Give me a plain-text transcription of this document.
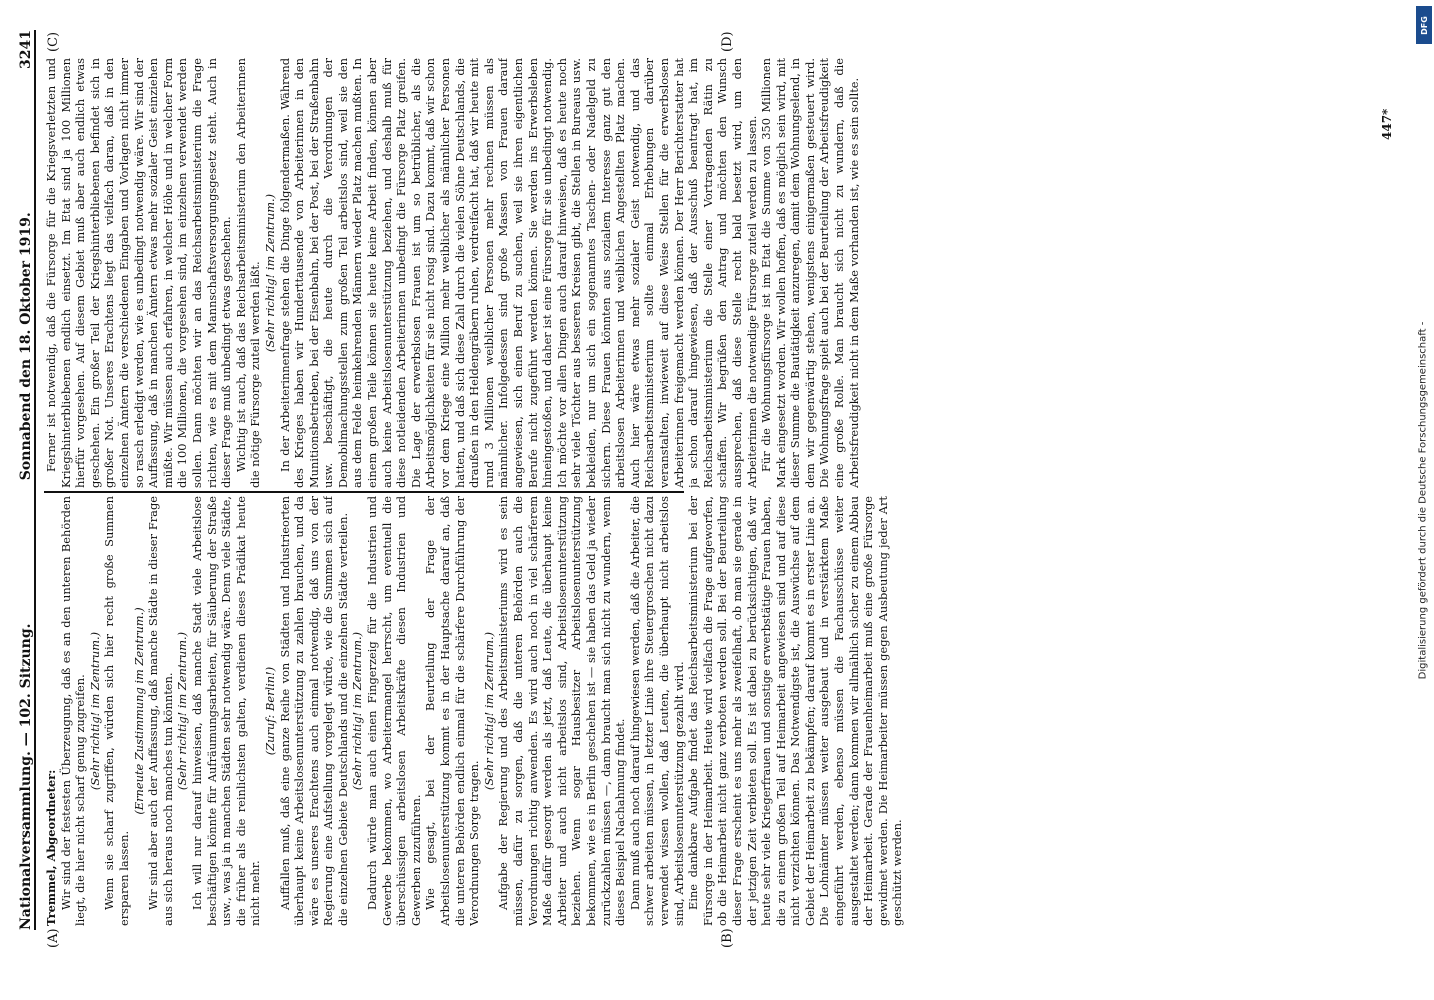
Nationalversammlung. — 102. Sitzung.
Sonnabend den 18. Oktober 1919.
3241
(A)	(B)
(C)	(D)

Tremmel, Abgeordneter: Wir sind der festesten Überzeugung, daß es an den unteren Behörden liegt, die hier nicht scharf genug zugreifen. (Sehr richtig! im Zentrum.) Wenn sie scharf zugriffen, würden sich hier recht große Summen ersparen lassen.

(Erneute Zustimmung im Zentrum.) Wir sind aber auch der Auffassung, daß manche Städte in dieser Frage aus sich heraus noch manches tun könnten. (Sehr richtig! im Zentrum.) Ich will nur darauf hinweisen, daß manche Stadt viele Arbeitslose beschäftigen könnte für Aufräumungsarbeiten, für Säuberung der Straße usw., was ja in manchen Städten sehr notwendig wäre. Denn viele Städte, die früher als die reinlichsten galten, verdienen dieses Prädikat heute nicht mehr.

(Zuruf: Berlin!) Auffallen muß, daß eine ganze Reihe von Städten und Industrieorten überhaupt keine Arbeitslosenunterstützung zu zahlen brauchen, und da wäre es unseres Erachtens auch einmal notwendig, daß uns von der Regierung eine Aufstellung vorgelegt würde, wie die Summen sich auf die einzelnen Gebiete Deutschlands und die einzelnen Städte verteilen. (Sehr richtig! im Zentrum.) Dadurch würde man auch einen Fingerzeig für die Industrien und Gewerbe bekommen, wo Arbeitermangel herrscht, um eventuell die überschüssigen arbeitslosen Arbeitskräfte diesen Industrien und Gewerben zuzuführen. Wie gesagt, bei der Beurteilung der Frage der Arbeitslosenunterstützung kommt es in der Hauptsache darauf an, daß die unteren Behörden endlich einmal für die schärfere Durchführung der Verordnungen Sorge tragen.

(Sehr richtig! im Zentrum.) Aufgabe der Regierung und des Arbeitsministeriums wird es sein müssen, dafür zu sorgen, daß die unteren Behörden auch die Verordnungen richtig anwenden. Es wird auch noch in viel schärferem Maße dafür gesorgt werden als jetzt, daß Leute, die überhaupt keine Arbeiter und auch nicht arbeitslos sind, Arbeitslosenunterstützung beziehen. Wenn sogar Hausbesitzer Arbeitslosenunterstützung bekommen, wie es in Berlin geschehen ist — sie haben das Geld ja wieder zurückzahlen müssen —, dann braucht man sich nicht zu wundern, wenn dieses Beispiel Nachahmung findet. Dann muß auch noch darauf hingewiesen werden, daß die Arbeiter, die schwer arbeiten müssen, in letzter Linie ihre Steuergroschen nicht dazu verwendet wissen wollen, daß Leuten, die überhaupt nicht arbeitslos sind, Arbeitslosenunterstützung gezahlt wird. Eine dankbare Aufgabe findet das Reichsarbeitsministerium bei der Fürsorge in der Heimarbeit. Heute wird vielfach die Frage aufgeworfen, ob die Heimarbeit nicht ganz verboten werden soll. Bei der Beurteilung dieser Frage erscheint es uns mehr als zweifelhaft, ob man sie gerade in der jetzigen Zeit verbieten soll. Es ist dabei zu berücksichtigen, daß wir heute sehr viele Kriegerfrauen und sonstige erwerbstätige Frauen haben, die zu einem großen Teil auf Heimarbeit angewiesen sind und auf diese nicht verzichten können. Das Notwendigste ist, die Auswüchse auf dem Gebiet der Heimarbeit zu bekämpfen; darauf kommt es in erster Linie an. Die Lohnämter müssen weiter ausgebaut und in verstärktem Maße eingeführt werden, ebenso müssen die Fachausschüsse weiter ausgestaltet werden; dann kommen wir allmählich sicher zu einem Abbau der Heimarbeit. Gerade der Frauenheimarbeit muß eine große Fürsorge gewidmet werden. Die Heimarbeiter müssen gegen Ausbeutung jeder Art geschützt werden.

Ferner ist notwendig, daß die Fürsorge für die Kriegsverletzten und Kriegshinterbliebenen endlich einsetzt. Im Etat sind ja 100 Millionen hierfür vorgesehen. Auf diesem Gebiet muß aber auch endlich etwas geschehen. Ein großer Teil der Kriegshinterbliebenen befindet sich in großer Not. Unseres Erachtens liegt das vielfach daran, daß in den einzelnen Ämtern die verschiedenen Eingaben und Vorlagen nicht immer so rasch erledigt werden, wie es unbedingt notwendig wäre. Wir sind der Auffassung, daß in manchen Ämtern etwas mehr sozialer Geist einziehen müßte. Wir müssen auch erfahren, in welcher Höhe und in welcher Form die 100 Millionen, die vorgesehen sind, im einzelnen verwendet werden sollen. Dann möchten wir an das Reichsarbeitsministerium die Frage richten, wie es mit dem Mannschaftsversorgungsgesetz steht. Auch in dieser Frage muß unbedingt etwas geschehen. Wichtig ist auch, daß das Reichsarbeitsministerium den Arbeiterinnen die nötige Fürsorge zuteil werden läßt. (Sehr richtig! im Zentrum.) In der Arbeiterinnenfrage stehen die Dinge folgendermaßen. Während des Krieges haben wir Hunderttausende von Arbeiterinnen in den Munitionsbetrieben, bei der Eisenbahn, bei der Post, bei der Straßenbahn usw. beschäftigt, die heute durch die Verordnungen der Demobilmachungsstellen zum großen Teil arbeitslos sind, weil sie den aus dem Felde heimkehrenden Männern wieder Platz machen mußten. In einem großen Teile können sie heute keine Arbeit finden, können aber auch keine Arbeitslosenunterstützung beziehen, und deshalb muß für diese notleidenden Arbeiterinnen unbedingt die Fürsorge Platz greifen. Die Lage der erwerbslosen Frauen ist um so betrüblicher, als die Arbeitsmöglichkeiten für sie nicht rosig sind. Dazu kommt, daß wir schon vor dem Kriege eine Million mehr weiblicher als männlicher Personen hatten, und daß sich diese Zahl durch die vielen Söhne Deutschlands, die draußen in den Heldengräbern ruhen, verdreifacht hat, daß wir heute mit rund 3 Millionen weiblicher Personen mehr rechnen müssen als männlicher. Infolgedessen sind große Massen von Frauen darauf angewiesen, sich einen Beruf zu suchen, weil sie ihren eigentlichen Berufe nicht zugeführt werden können. Sie werden ins Erwerbsleben hineingestoßen, und daher ist eine Fürsorge für sie unbedingt notwendig. Ich möchte vor allen Dingen auch darauf hinweisen, daß es heute noch sehr viele Töchter aus besseren Kreisen gibt, die Stellen in Bureaus usw. bekleiden, nur um sich ein sogenanntes Taschen- oder Nadelgeld zu sichern. Diese Frauen könnten aus sozialem Interesse ganz gut den arbeitslosen Arbeiterinnen und weiblichen Angestellten Platz machen. Auch hier wäre etwas mehr sozialer Geist notwendig, und das Reichsarbeitsministerium sollte einmal Erhebungen darüber veranstalten, inwieweit auf diese Weise Stellen für die erwerbslosen Arbeiterinnen freigemacht werden können. Der Herr Berichterstatter hat ja schon darauf hingewiesen, daß der Ausschuß beantragt hat, im Reichsarbeitsministerium die Stelle einer Vortragenden Rätin zu schaffen. Wir begrüßen den Antrag und möchten den Wunsch aussprechen, daß diese Stelle recht bald besetzt wird, um den Arbeiterinnen die notwendige Fürsorge zuteil werden zu lassen. Für die Wohnungsfürsorge ist im Etat die Summe von 350 Millionen Mark eingesetzt worden. Wir wollen hoffen, daß es möglich sein wird, mit dieser Summe die Bautätigkeit anzuregen, damit dem Wohnungselend, in dem wir gegenwärtig stehen, wenigstens einigermaßen gesteuert wird. Die Wohnungsfrage spielt auch bei der Beurteilung der Arbeitsfreudigkeit eine große Rolle. Man braucht sich nicht zu wundern, daß die Arbeitsfreudigkeit nicht in dem Maße vorhanden ist, wie es sein sollte.	447*
Digitalisierung gefördert durch die Deutsche Forschungsgemeinschaft -
DFG
